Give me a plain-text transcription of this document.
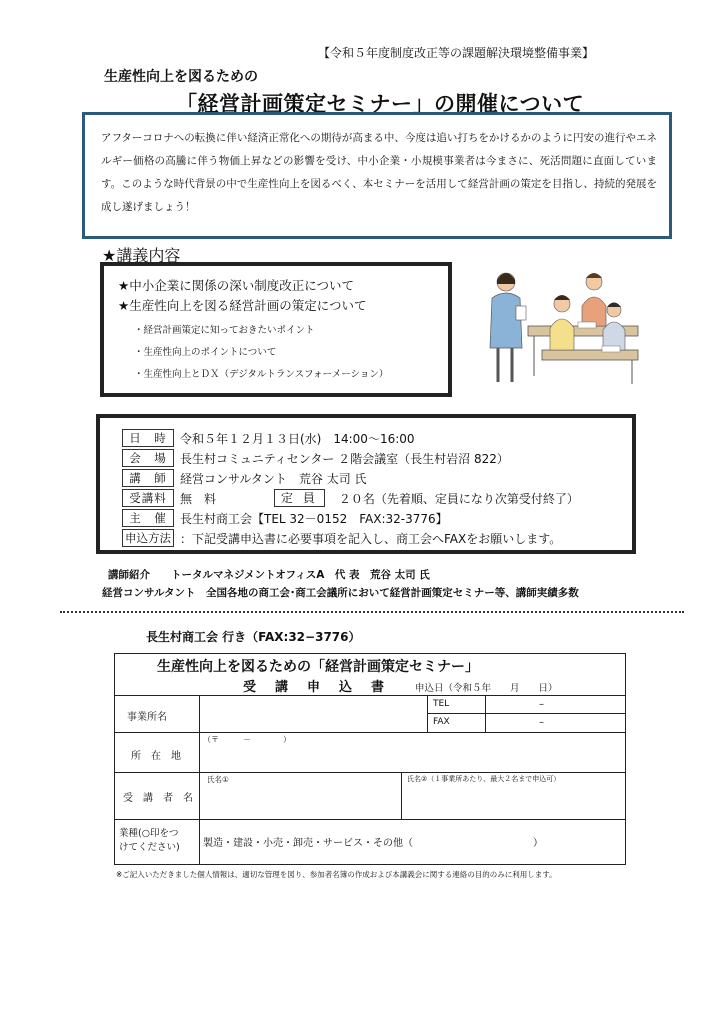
【令和５年度制度改正等の課題解決環境整備事業】
生産性向上を図るための
「経営計画策定セミナー」の開催について

アフターコロナへの転換に伴い経済正常化への期待が高まる中、今度は追い打ちをかけるかのように円安の進行やエネルギー価格の高騰に伴う物価上昇などの影響を受け、中小企業・小規模事業者は今まさに、死活問題に直面しています。このような時代背景の中で生産性向上を図るべく、本セミナーを活用して経営計画の策定を目指し、持続的発展を成し遂げましょう！

★講義内容
★中小企業に関係の深い制度改正について
★生産性向上を図る経営計画の策定について
・経営計画策定に知っておきたいポイント
・生産性向上のポイントについて
・生産性向上とＤＸ（デジタルトランスフォーメーション）
日　時	令和５年１２月１３日(水)　14:00〜16:00
会　場	長生村コミュニティセンター ２階会議室（長生村岩沼 822）
講　師	経営コンサルタント　荒谷 太司 氏
受講料	無　料	定 員	２０名（先着順、定員になり次第受付終了）
主　催	長生村商工会【TEL 32－0152　FAX:32-3776】
申込方法 ：下記受講申込書に必要事項を記入し、商工会へFAXをお願いします。
講師紹介　　トータルマネジメントオフィスA　代 表　荒谷 太司 氏
経営コンサルタント　全国各地の商工会･商工会議所において経営計画策定セミナー等、講師実績多数
長生村商工会 行き（FAX:32−3776）
生産性向上を図るための「経営計画策定セミナー」
受　講　申　込　書	申込日（令和５年　　月　　日）
事業所名
TEL	–
FAX	–
所　在　地
（〒　　　－　　　　）
受　講　者　名
氏名①	氏名②（１事業所あたり、最大２名まで申込可）
業種(○印をつ
けてください) 製造・建設・小売・卸売・サービス・その他（　　　　　　　　　　　　）
※ご記入いただきました個人情報は、適切な管理を図り、参加者名簿の作成および本講義会に関する連絡の目的のみに利用します。
